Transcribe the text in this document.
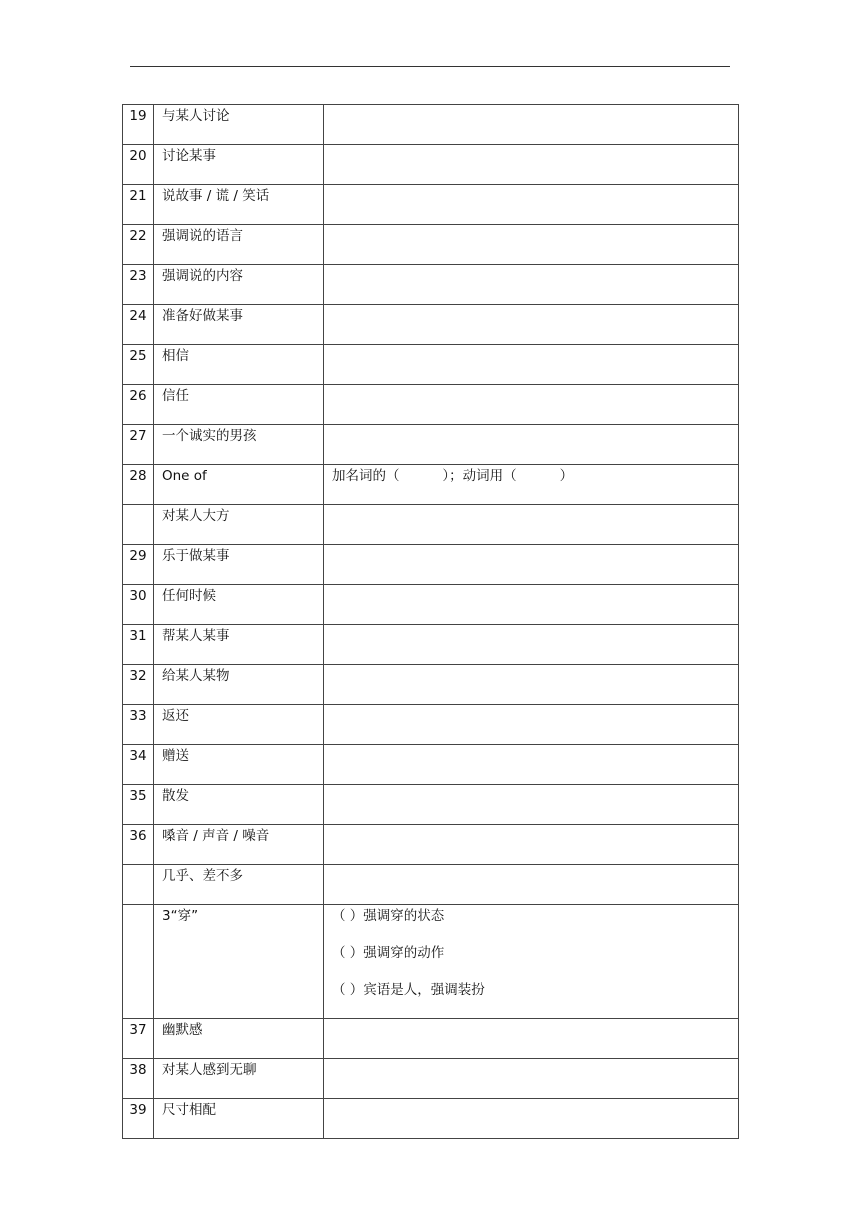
19	与某人讨论	
20	讨论某事	
21	说故事 / 谎 / 笑话	
22	强调说的语言	
23	强调说的内容	
24	准备好做某事	
25	相信	
26	信任	
27	一个诚实的男孩	
28	One of	加名词的（          ）；动词用（          ）
	对某人大方	
29	乐于做某事	
30	任何时候	
31	帮某人某事	
32	给某人某物	
33	返还	
34	赠送	
35	散发	
36	嗓音 / 声音 / 噪音	
	几乎、差不多	
	3“穿”	（ ）强调穿的状态
（ ）强调穿的动作
（ ）宾语是人，强调装扮

37	幽默感	
38	对某人感到无聊	
39	尺寸相配	
